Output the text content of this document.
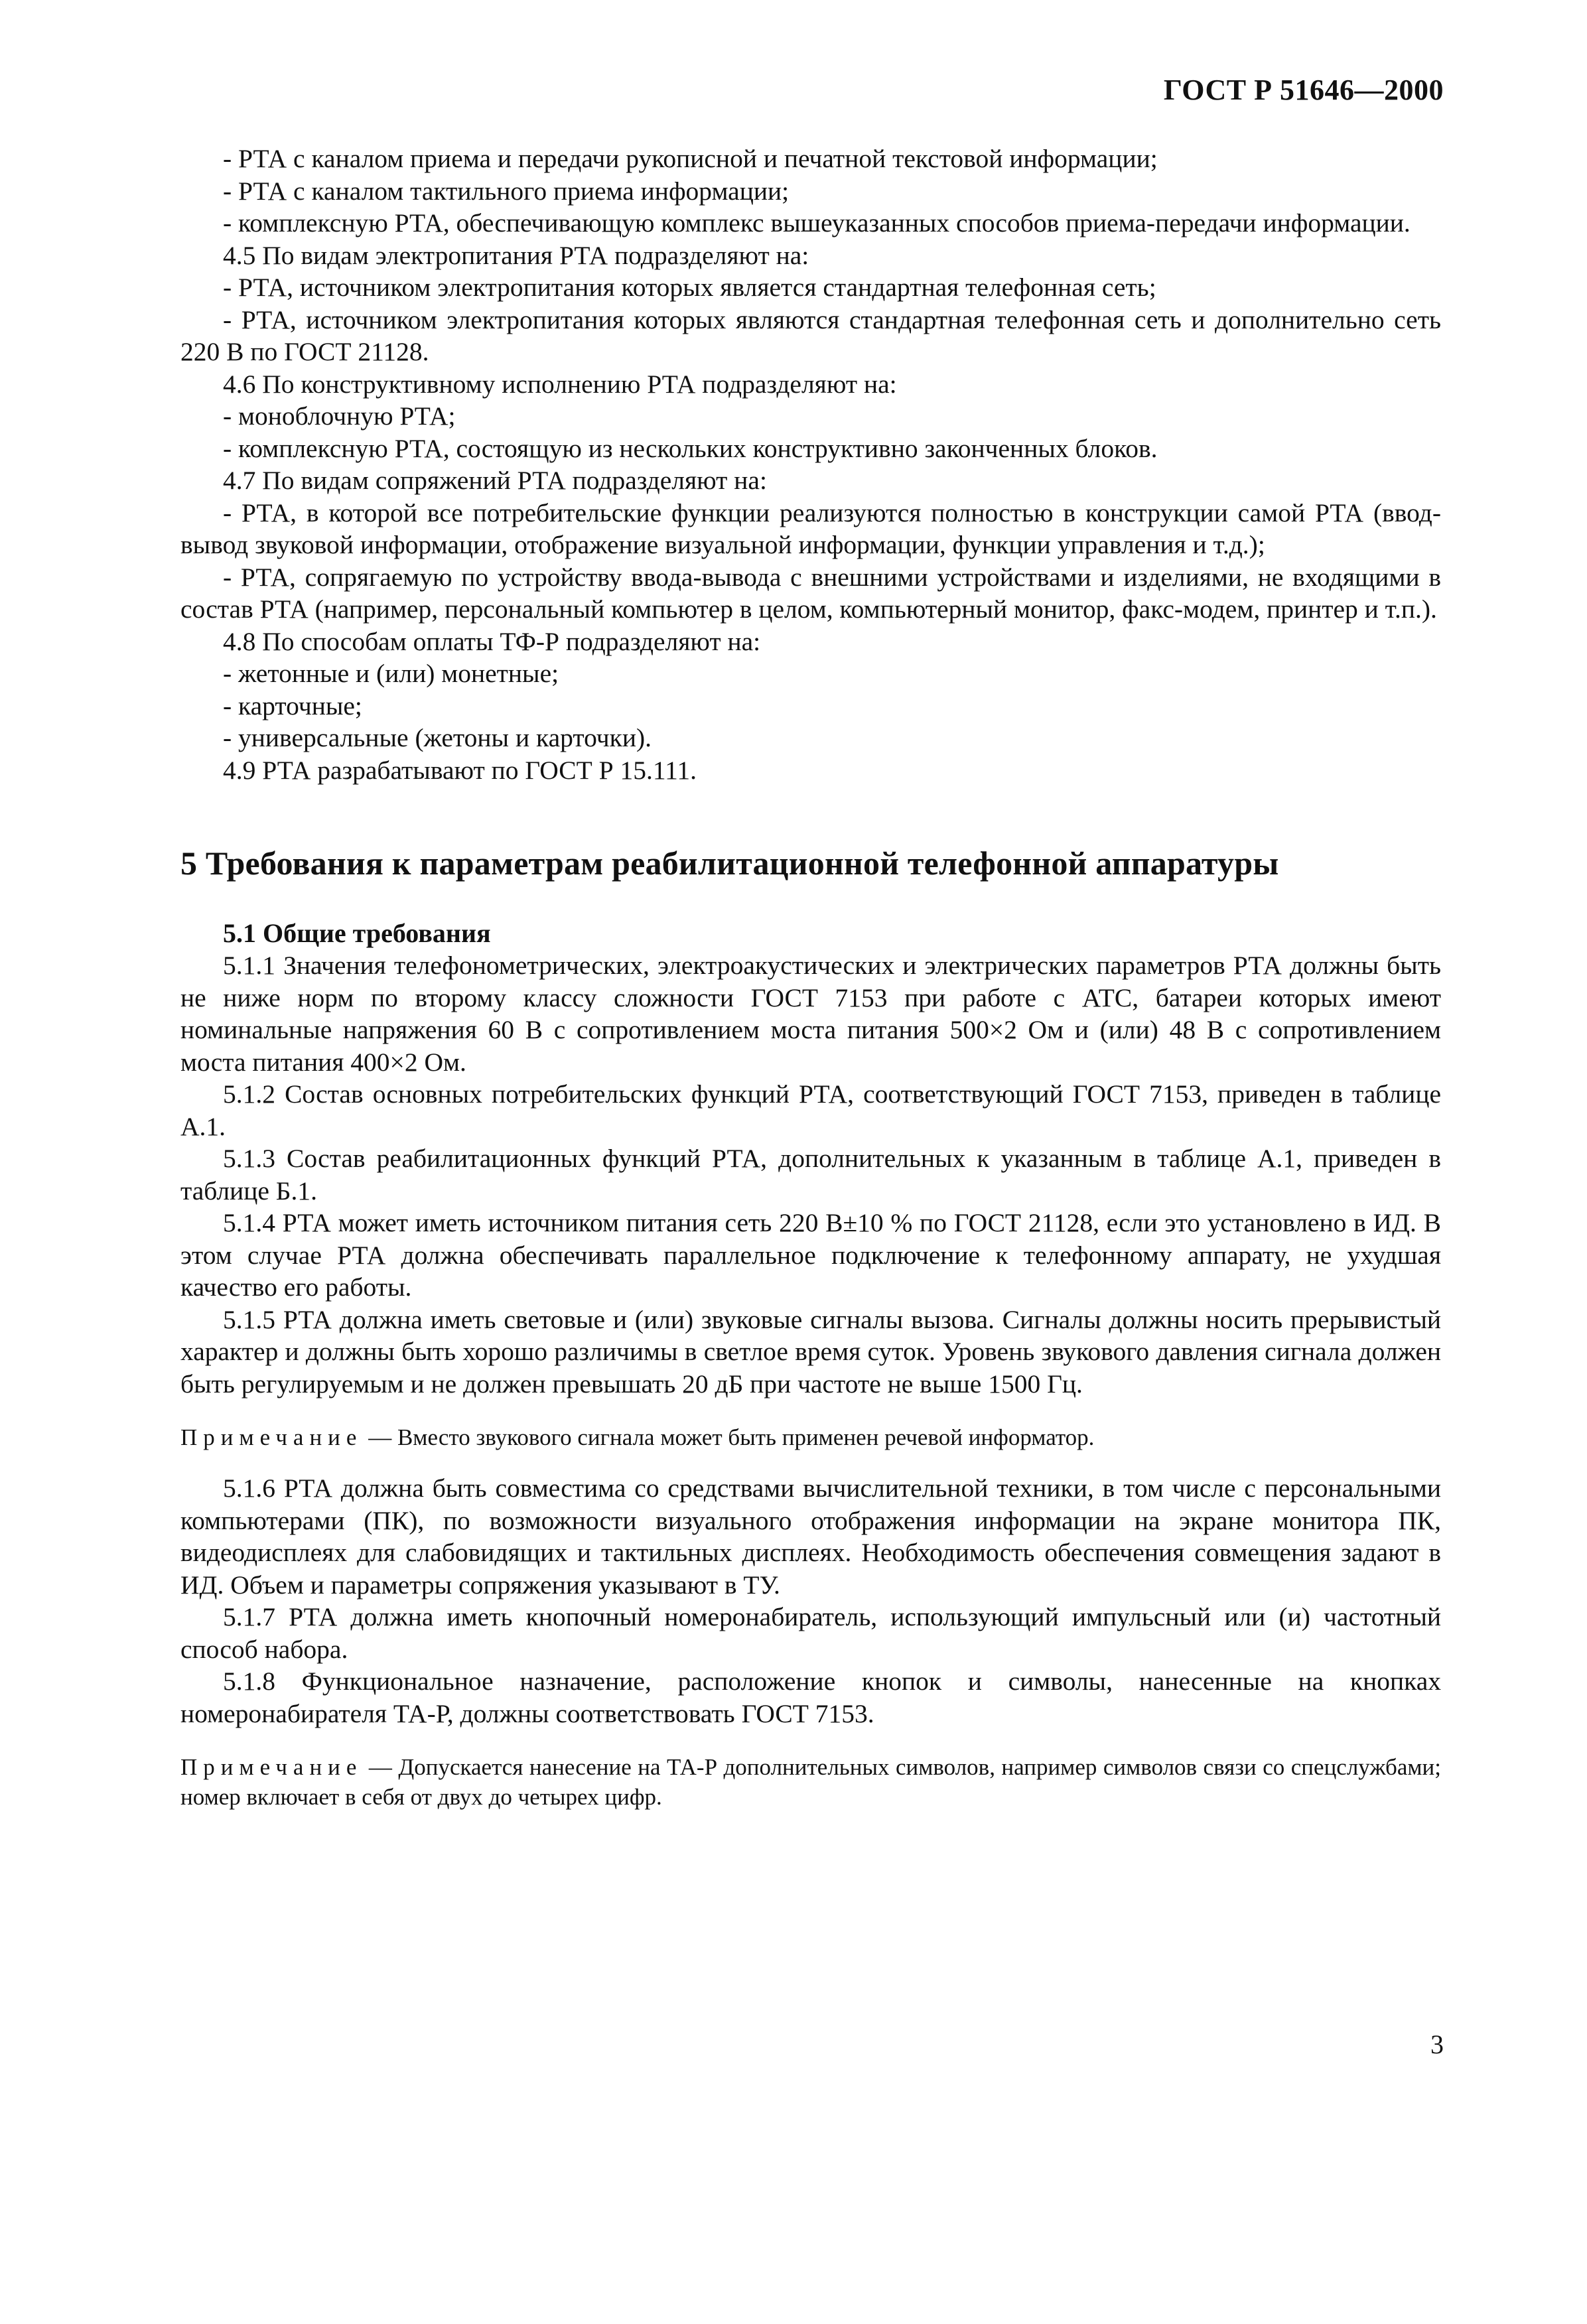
ГОСТ Р 51646—2000

- РТА с каналом приема и передачи рукописной и печатной текстовой информации;

- РТА с каналом тактильного приема информации;

- комплексную РТА, обеспечивающую комплекс вышеуказанных способов приема-передачи информации.

4.5 По видам электропитания РТА подразделяют на:

- РТА, источником электропитания которых является стандартная телефонная сеть;

- РТА, источником электропитания которых являются стандартная телефонная сеть и дополнительно сеть 220 В по ГОСТ 21128.

4.6 По конструктивному исполнению РТА подразделяют на:

- моноблочную РТА;

- комплексную РТА, состоящую из нескольких конструктивно законченных блоков.

4.7 По видам сопряжений РТА подразделяют на:

- РТА, в которой все потребительские функции реализуются полностью в конструкции самой РТА (ввод-вывод звуковой информации, отображение визуальной информации, функции управления и т.д.);

- РТА, сопрягаемую по устройству ввода-вывода с внешними устройствами и изделиями, не входящими в состав РТА (например, персональный компьютер в целом, компьютерный монитор, факс-модем, принтер и т.п.).

4.8 По способам оплаты ТФ-Р подразделяют на:

- жетонные и (или) монетные;

- карточные;

- универсальные (жетоны и карточки).

4.9 РТА разрабатывают по ГОСТ Р 15.111.

5 Требования к параметрам реабилитационной телефонной аппаратуры
5.1 Общие требования

5.1.1 Значения телефонометрических, электроакустических и электрических параметров РТА должны быть не ниже норм по второму классу сложности ГОСТ 7153 при работе с АТС, батареи которых имеют номинальные напряжения 60 В с сопротивлением моста питания 500×2 Ом и (или) 48 В с сопротивлением моста питания 400×2 Ом.

5.1.2 Состав основных потребительских функций РТА, соответствующий ГОСТ 7153, приведен в таблице А.1.

5.1.3 Состав реабилитационных функций РТА, дополнительных к указанным в таблице А.1, приведен в таблице Б.1.

5.1.4 РТА может иметь источником питания сеть 220 В±10 % по ГОСТ 21128, если это установлено в ИД. В этом случае РТА должна обеспечивать параллельное подключение к телефонному аппарату, не ухудшая качество его работы.

5.1.5 РТА должна иметь световые и (или) звуковые сигналы вызова. Сигналы должны носить прерывистый характер и должны быть хорошо различимы в светлое время суток. Уровень звукового давления сигнала должен быть регулируемым и не должен превышать 20 дБ при частоте не выше 1500 Гц.

Примечание — Вместо звукового сигнала может быть применен речевой информатор.

5.1.6 РТА должна быть совместима со средствами вычислительной техники, в том числе с персональными компьютерами (ПК), по возможности визуального отображения информации на экране монитора ПК, видеодисплеях для слабовидящих и тактильных дисплеях. Необходимость обеспечения совмещения задают в ИД. Объем и параметры сопряжения указывают в ТУ.

5.1.7 РТА должна иметь кнопочный номеронабиратель, использующий импульсный или (и) частотный способ набора.

5.1.8 Функциональное назначение, расположение кнопок и символы, нанесенные на кнопках номеронабирателя ТА-Р, должны соответствовать ГОСТ 7153.

Примечание — Допускается нанесение на ТА-Р дополнительных символов, например символов связи со спецслужбами; номер включает в себя от двух до четырех цифр.

3
